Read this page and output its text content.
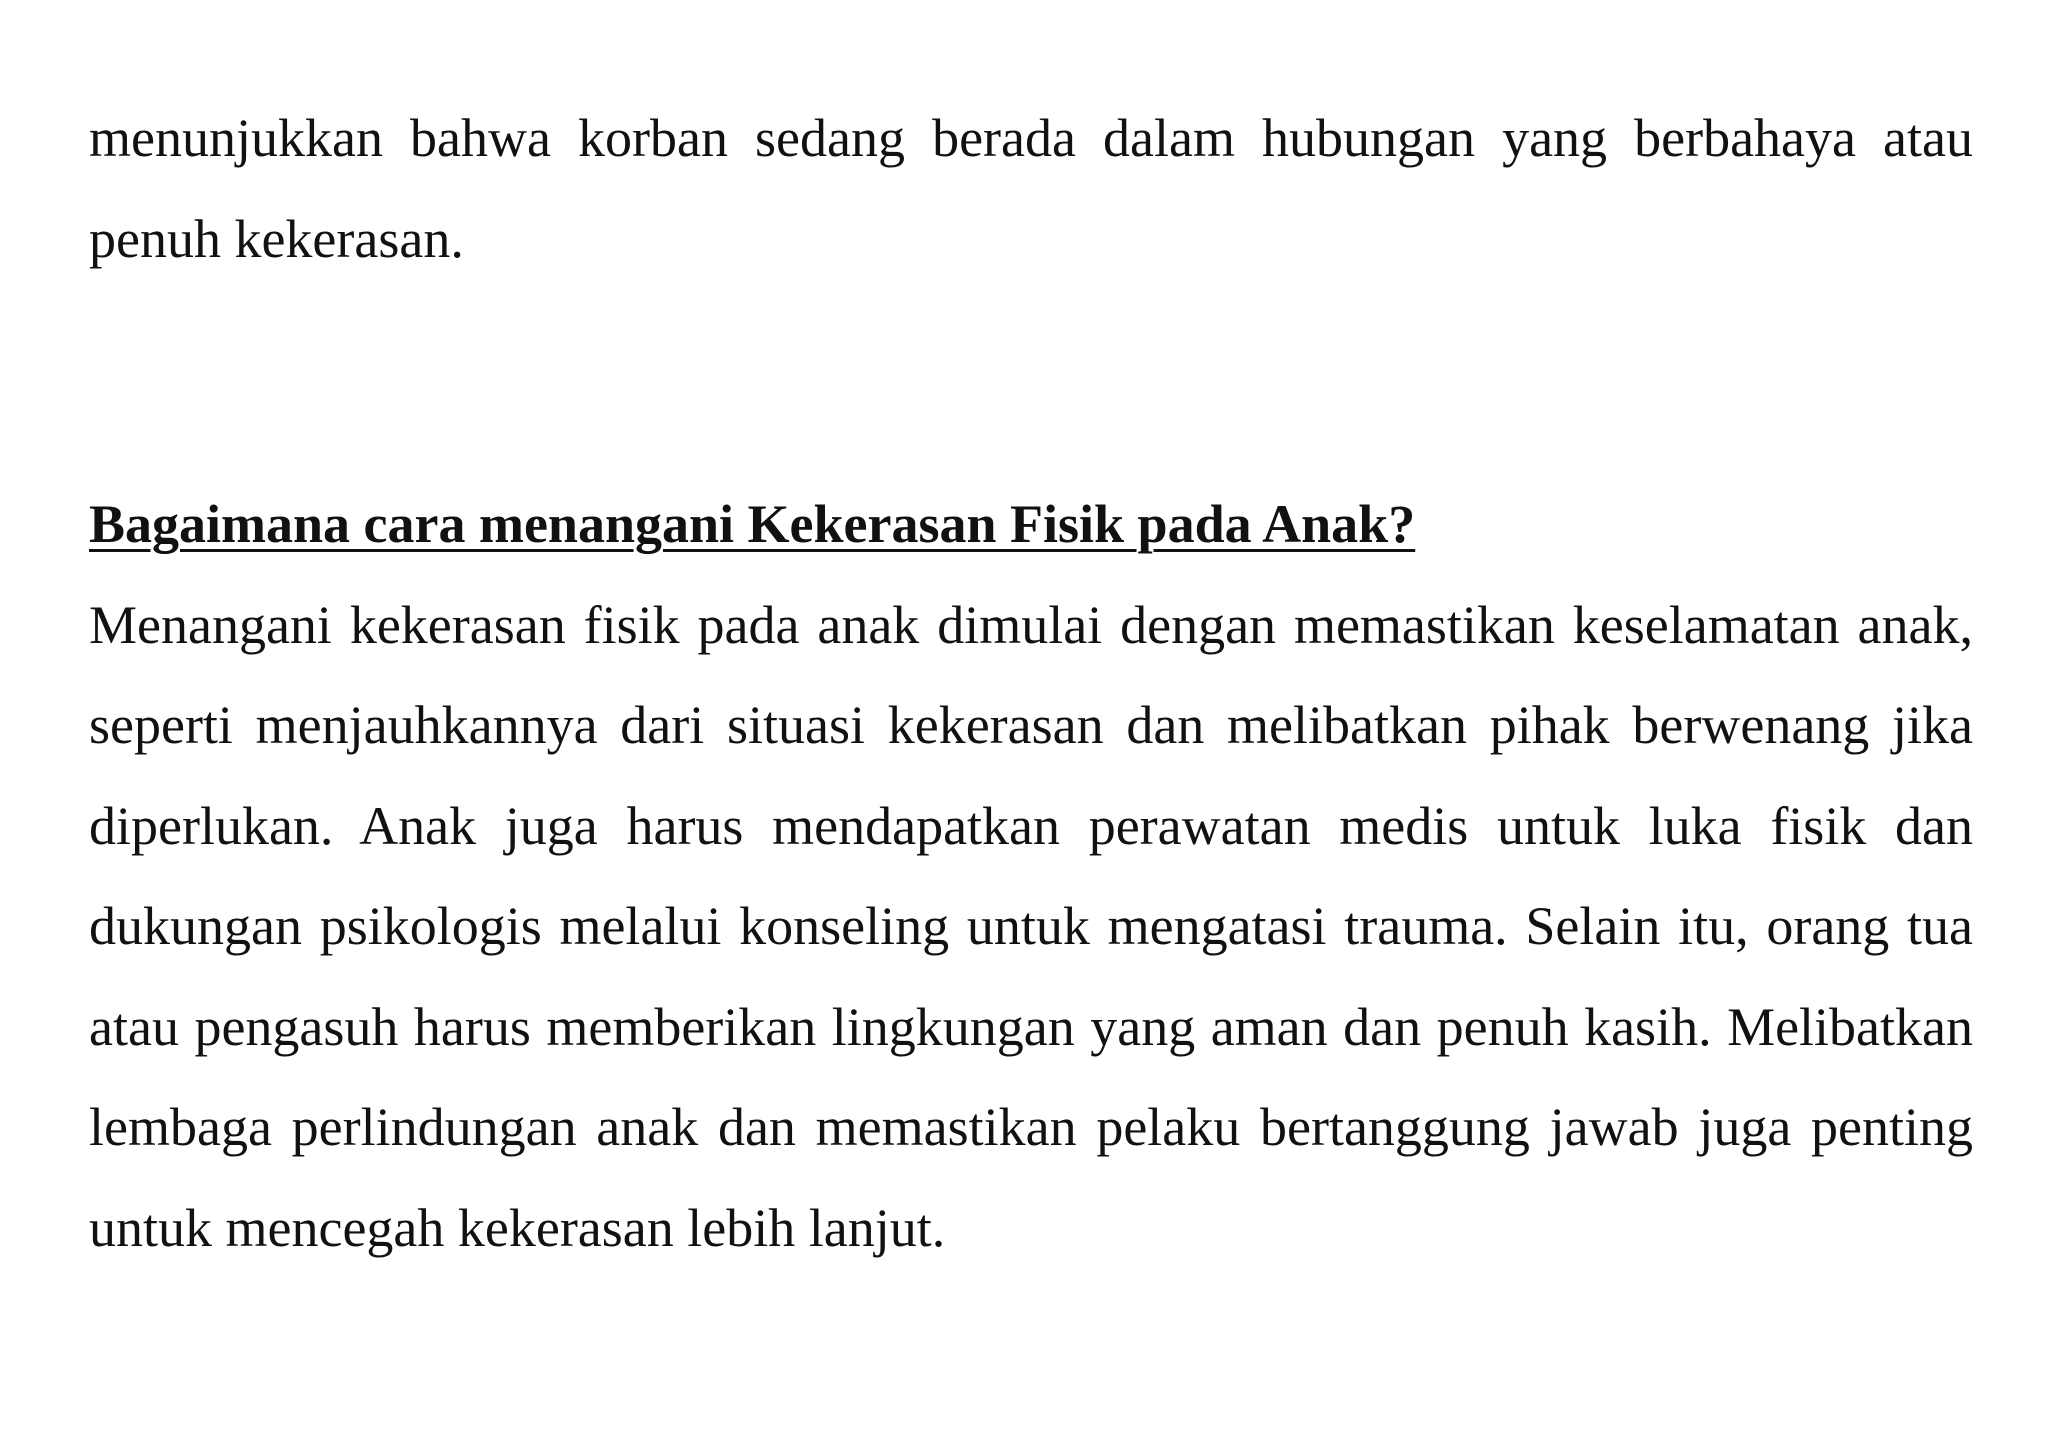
menunjukkan bahwa korban sedang berada dalam hubungan yang berbahaya atau penuh kekerasan.

Bagaimana cara menangani Kekerasan Fisik pada Anak?

Menangani kekerasan fisik pada anak dimulai dengan memastikan keselamatan anak, seperti menjauhkannya dari situasi kekerasan dan melibatkan pihak berwenang jika diperlukan. Anak juga harus mendapatkan perawatan medis untuk luka fisik dan dukungan psikologis melalui konseling untuk mengatasi trauma. Selain itu, orang tua atau pengasuh harus memberikan lingkungan yang aman dan penuh kasih. Melibatkan lembaga perlindungan anak dan memastikan pelaku bertanggung jawab juga penting untuk mencegah kekerasan lebih lanjut.
